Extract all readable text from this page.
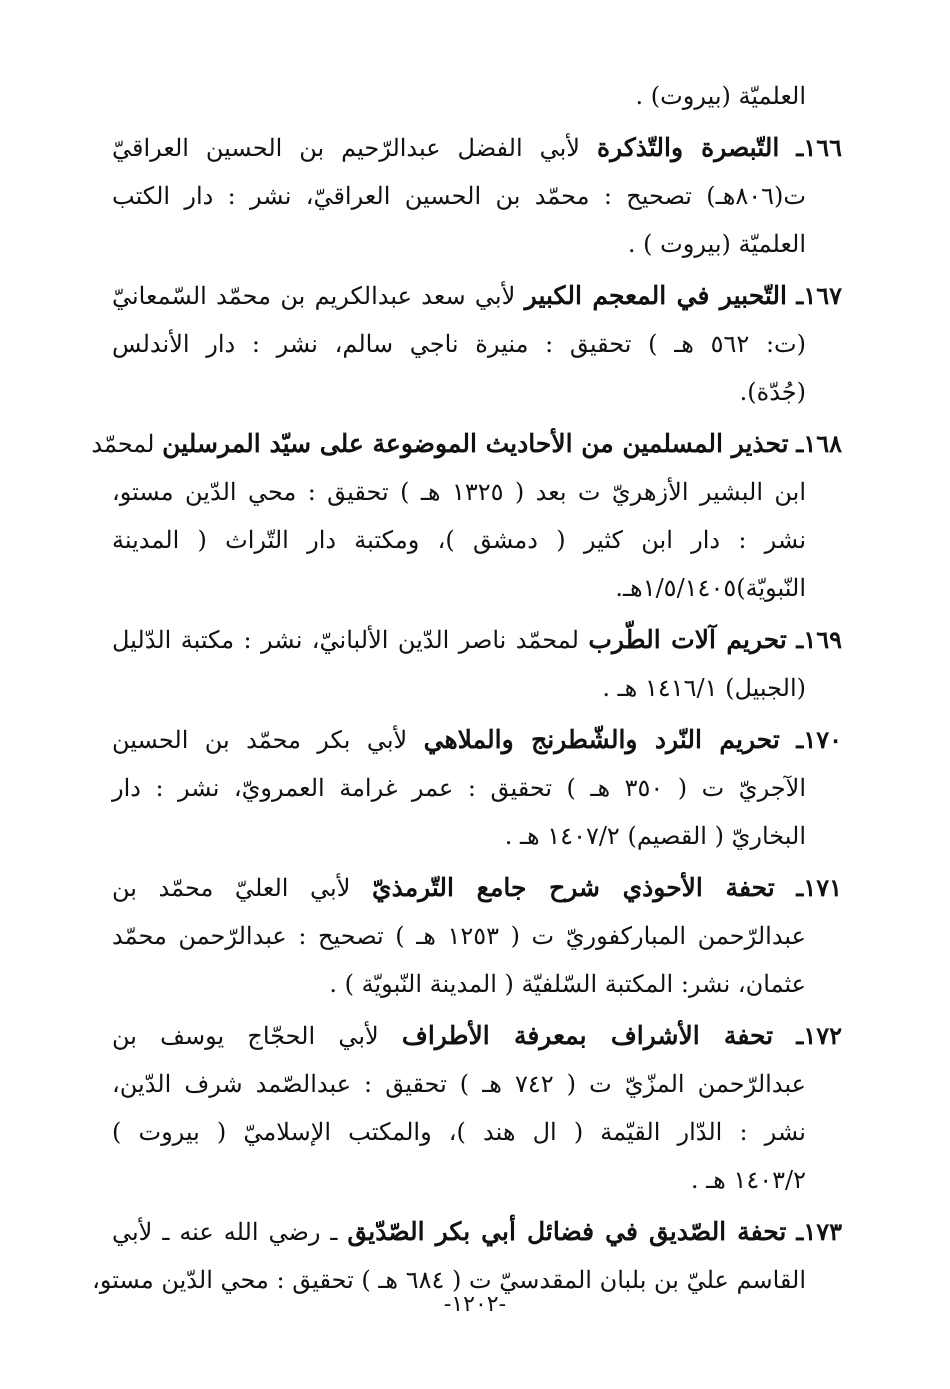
العلميّة (بيروت) .
١٦٦ـ التّبصرة والتّذكرة لأبي الفضل عبدالرّحيم بن الحسين العراقيّ
ت(٨٠٦هـ) تصحيح : محمّد بن الحسين العراقيّ، نشر : دار الكتب
العلميّة (بيروت ) .
١٦٧ـ التّحبير في المعجم الكبير لأبي سعد عبدالكريم بن محمّد السّمعانيّ
(ت: ٥٦٢ هـ ) تحقيق : منيرة ناجي سالم، نشر : دار الأندلس
(جُدّة).
١٦٨ـ تحذير المسلمين من الأحاديث الموضوعة على سيّد المرسلين لمحمّد
ابن البشير الأزهريّ ت بعد ( ١٣٢٥ هـ ) تحقيق : محي الدّين مستو،
نشر : دار ابن كثير ( دمشق )، ومكتبة دار التّراث ( المدينة
النّبويّة)١/٥/١٤٠٥هـ.
١٦٩ـ تحريم آلات الطّرب لمحمّد ناصر الدّين الألبانيّ، نشر : مكتبة الدّليل
(الجبيل) ١٤١٦/١ هـ .
١٧٠ـ تحريم النّرد والشّطرنج والملاهي لأبي بكر محمّد بن الحسين
الآجريّ ت ( ٣٥٠ هـ ) تحقيق : عمر غرامة العمرويّ، نشر : دار
البخاريّ ( القصيم) ١٤٠٧/٢ هـ .
١٧١ـ تحفة الأحوذي شرح جامع التّرمذيّ لأبي العليّ محمّد بن
عبدالرّحمن المباركفوريّ ت ( ١٢٥٣ هـ ) تصحيح : عبدالرّحمن محمّد
عثمان، نشر: المكتبة السّلفيّة ( المدينة النّبويّة ) .
١٧٢ـ تحفة الأشراف بمعرفة الأطراف لأبي الحجّاج يوسف بن
عبدالرّحمن المزّيّ ت ( ٧٤٢ هـ ) تحقيق : عبدالصّمد شرف الدّين،
نشر : الدّار القيّمة ( ال هند )، والمكتب الإسلاميّ ( بيروت )
١٤٠٣/٢ هـ .
١٧٣ـ تحفة الصّديق في فضائل أبي بكر الصّدّيق ـ رضي الله عنه ـ لأبي
القاسم عليّ بن بلبان المقدسيّ ت ( ٦٨٤ هـ ) تحقيق : محي الدّين مستو،
-١٢٠٢-
